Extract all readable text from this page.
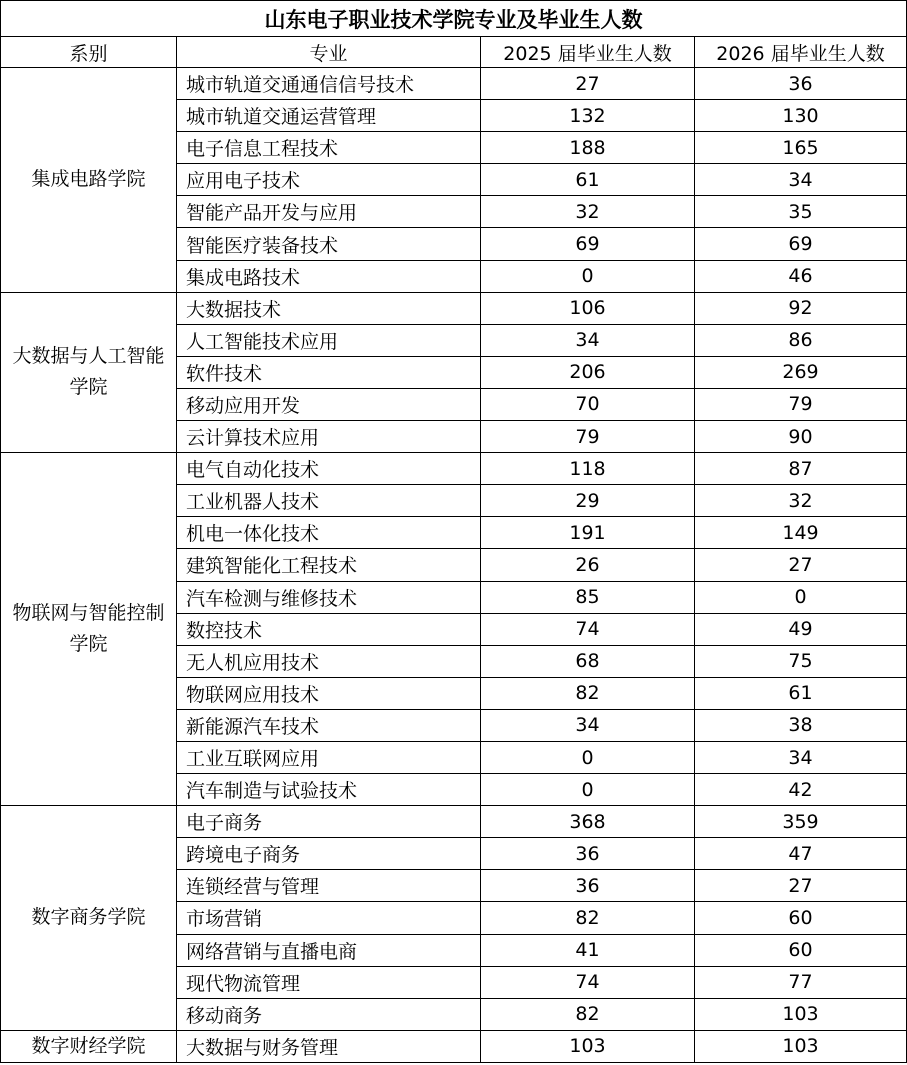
山东电子职业技术学院专业及毕业生人数			
系别	专业	2025 届毕业生人数	2026 届毕业生人数
集成电路学院	城市轨道交通通信信号技术	27	36
	城市轨道交通运营管理	132	130
	电子信息工程技术	188	165
	应用电子技术	61	34
	智能产品开发与应用	32	35
	智能医疗装备技术	69	69
	集成电路技术	0	46
大数据与人工智能学院	大数据技术	106	92
	人工智能技术应用	34	86
	软件技术	206	269
	移动应用开发	70	79
	云计算技术应用	79	90
物联网与智能控制学院	电气自动化技术	118	87
	工业机器人技术	29	32
	机电一体化技术	191	149
	建筑智能化工程技术	26	27
	汽车检测与维修技术	85	0
	数控技术	74	49
	无人机应用技术	68	75
	物联网应用技术	82	61
	新能源汽车技术	34	38
	工业互联网应用	0	34
	汽车制造与试验技术	0	42
数字商务学院	电子商务	368	359
	跨境电子商务	36	47
	连锁经营与管理	36	27
	市场营销	82	60
	网络营销与直播电商	41	60
	现代物流管理	74	77
	移动商务	82	103
数字财经学院	大数据与财务管理	103	103
